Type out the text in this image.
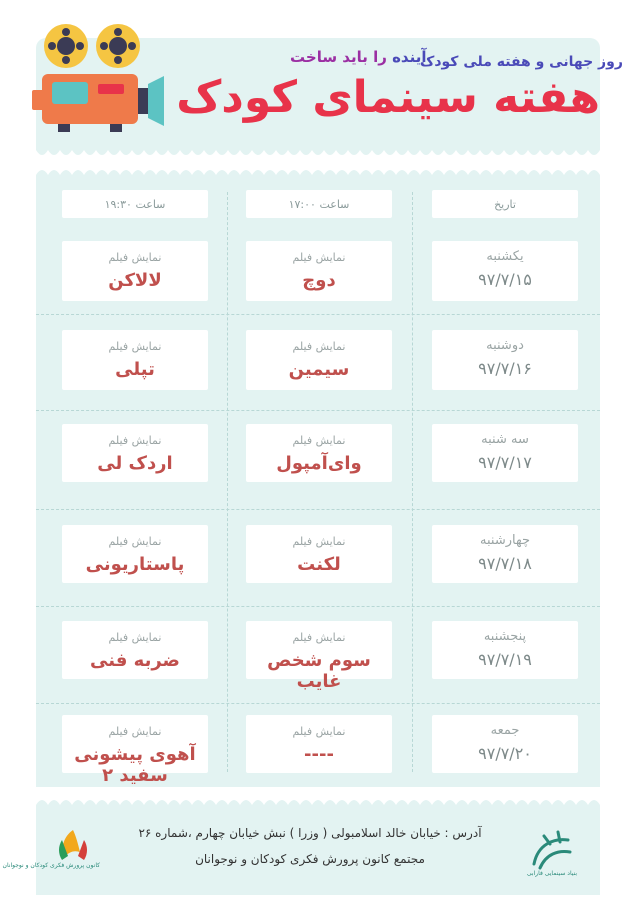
روز جهانی و هفته ملی کودک
آینده را باید ساخت
هفته سینمای کودک
تاریخ
ساعت ۱۷:۰۰
ساعت ۱۹:۳۰
یکشنبه
۹۷/۷/۱۵
نمایش فیلم
دوچ
نمایش فیلم
لالاکن
دوشنبه
۹۷/۷/۱۶
نمایش فیلم
سیمین
نمایش فیلم
تپلی
سه شنبه
۹۷/۷/۱۷
نمایش فیلم
وای‌آمپول
نمایش فیلم
اردک لی
چهارشنبه
۹۷/۷/۱۸
نمایش فیلم
لکنت
نمایش فیلم
پاستاریونی
پنجشنبه
۹۷/۷/۱۹
نمایش فیلم
سوم شخص غایب
نمایش فیلم
ضربه فنی
جمعه
۹۷/۷/۲۰
نمایش فیلم
----
نمایش فیلم
آهوی پیشونی سفید ۲
آدرس : خیابان خالد اسلامبولی ( وزرا ) نبش خیابان چهارم ،شماره ۲۶
مجتمع کانون پرورش فکری کودکان و نوجوانان
کانون پرورش فکری کودکان و نوجوانان
بنیاد سینمایی فارابی
